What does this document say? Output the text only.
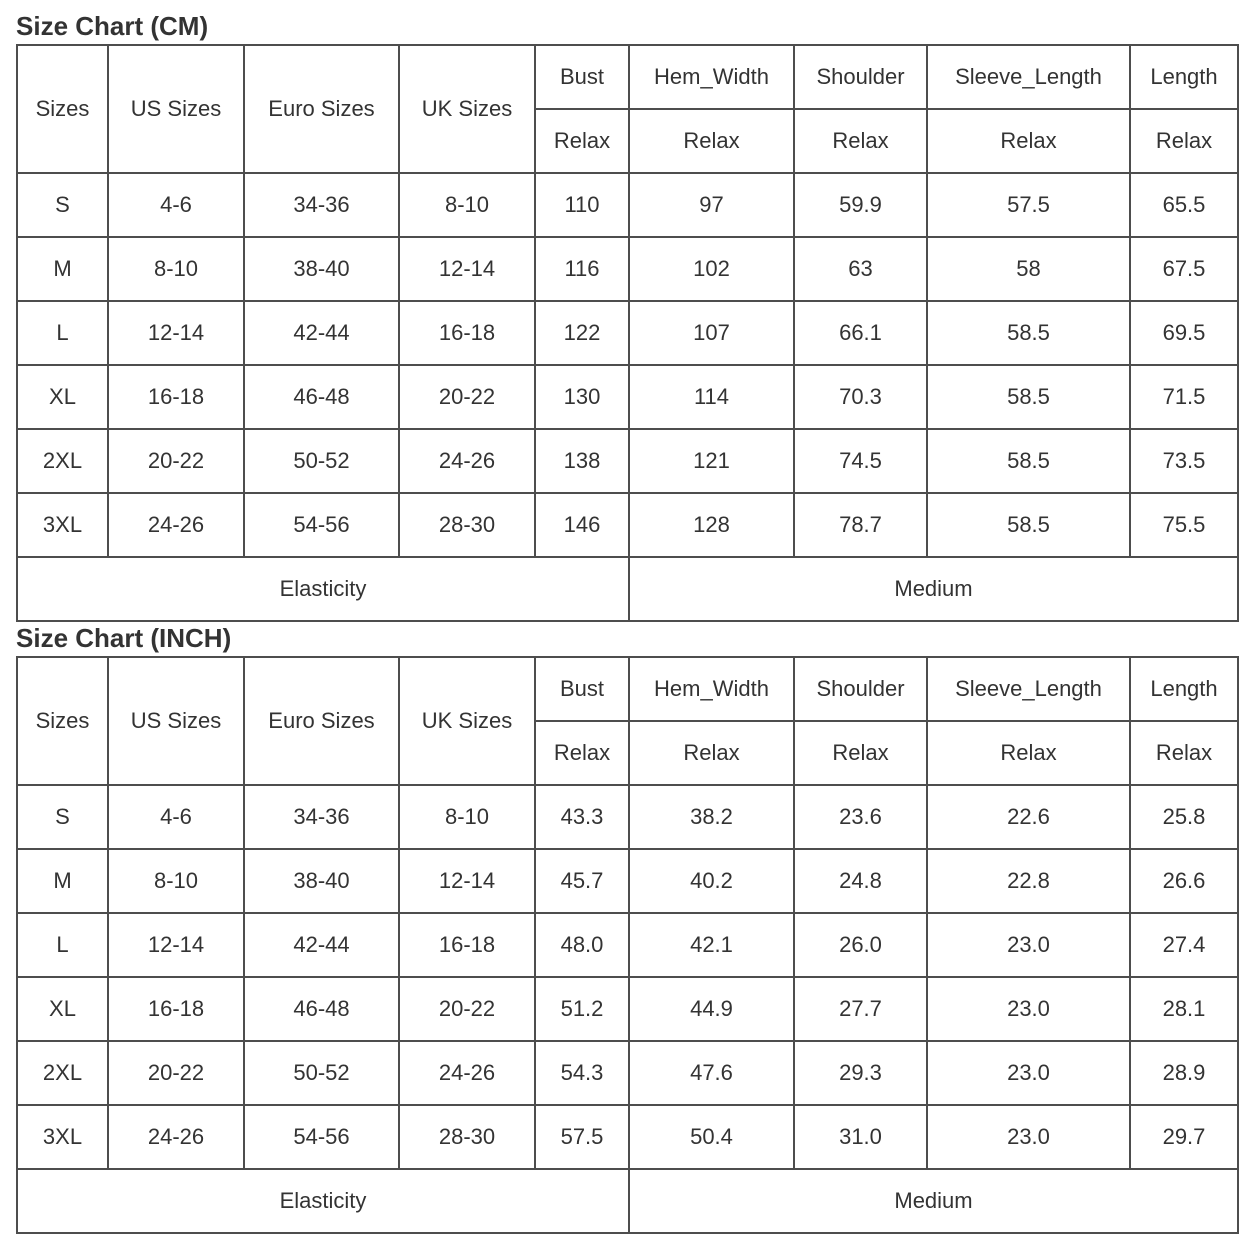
Size Chart (CM)
Sizes	US Sizes	Euro Sizes	UK Sizes	Bust	Hem_Width	Shoulder	Sleeve_Length	Length
				Relax	Relax	Relax	Relax	Relax
S	4-6	34-36	8-10	110	97	59.9	57.5	65.5
M	8-10	38-40	12-14	116	102	63	58	67.5
L	12-14	42-44	16-18	122	107	66.1	58.5	69.5
XL	16-18	46-48	20-22	130	114	70.3	58.5	71.5
2XL	20-22	50-52	24-26	138	121	74.5	58.5	73.5
3XL	24-26	54-56	28-30	146	128	78.7	58.5	75.5
Elasticity					Medium			
Size Chart (INCH)
Sizes	US Sizes	Euro Sizes	UK Sizes	Bust	Hem_Width	Shoulder	Sleeve_Length	Length
				Relax	Relax	Relax	Relax	Relax
S	4-6	34-36	8-10	43.3	38.2	23.6	22.6	25.8
M	8-10	38-40	12-14	45.7	40.2	24.8	22.8	26.6
L	12-14	42-44	16-18	48.0	42.1	26.0	23.0	27.4
XL	16-18	46-48	20-22	51.2	44.9	27.7	23.0	28.1
2XL	20-22	50-52	24-26	54.3	47.6	29.3	23.0	28.9
3XL	24-26	54-56	28-30	57.5	50.4	31.0	23.0	29.7
Elasticity					Medium			
